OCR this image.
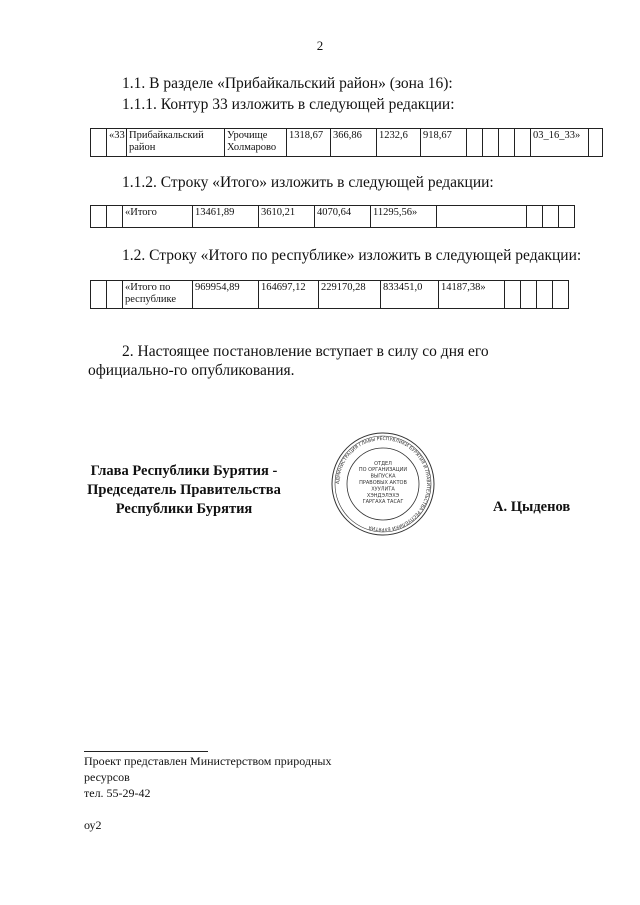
2
1.1. В разделе «Прибайкальский район» (зона 16):
1.1.1. Контур 33 изложить в следующей редакции:
	«33	Прибайкальский район	Урочище Холмарово	1318,67	366,86	1232,6	918,67					03_16_33»	
1.1.2. Строку «Итого» изложить в следующей редакции:
		«Итого	13461,89	3610,21	4070,64	11295,56»				
1.2. Строку «Итого по республике» изложить в следующей редакции:
		«Итого по республике	969954,89	164697,12	229170,28	833451,0	14187,38»				
2. Настоящее постановление вступает в силу со дня его официально-го опубликования.
Глава Республики Бурятия -
Председатель Правительства
Республики Бурятия
АДМИНИСТРАЦИЯ ГЛАВЫ РЕСПУБЛИКИ БУРЯТИЯ И ПРАВИТЕЛЬСТВА РЕСПУБЛИКИ БУРЯТИЯ
ОТДЕЛ
ПО ОРГАНИЗАЦИИ
ВЫПУСКА
ПРАВОВЫХ АКТОВ
ХУУЛИТА
ХЭНДЭЛЭХЭ
ГАРГАХА ТАСАГ	А. Цыденов
Проект представлен Министерством природных
ресурсов
тел. 55-29-42
оу2
